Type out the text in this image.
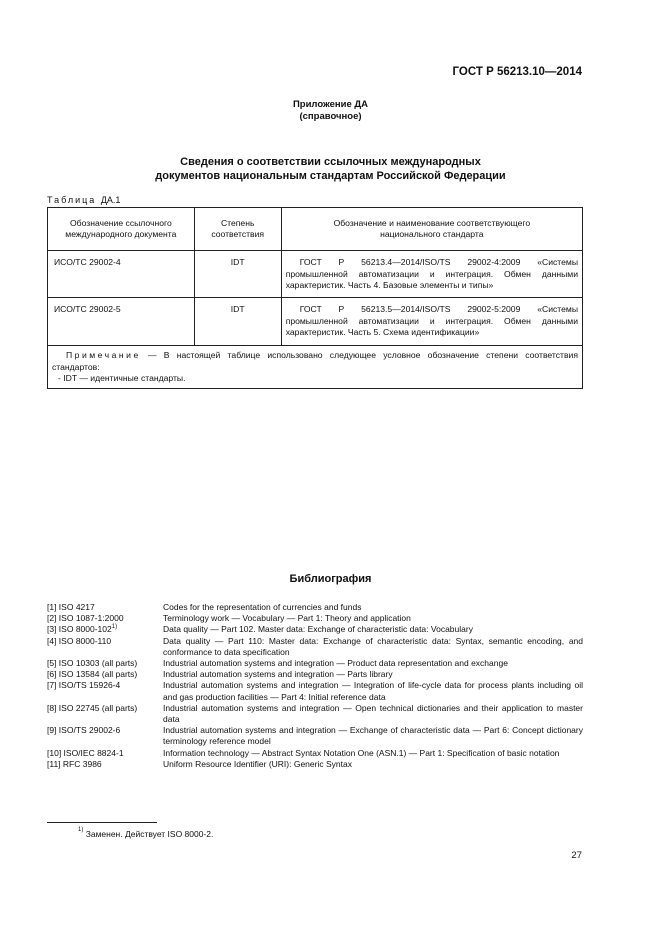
ГОСТ Р 56213.10—2014
Приложение ДА
(справочное)
Сведения о соответствии ссылочных международных
документов национальным стандартам Российской Федерации
Таблица ДА.1
Обозначение ссылочного международного документа	Степень соответствия	Обозначение и наименование соответствующего национального стандарта

ИСО/ТС 29002-4	IDT	ГОСТ Р 56213.4—2014/ISO/TS 29002-4:2009 «Системы промышленной автоматизации и интеграция. Обмен данными характеристик. Часть 4. Базовые элементы и типы»

ИСО/ТС 29002-5	IDT	ГОСТ Р 56213.5—2014/ISO/TS 29002-5:2009 «Системы промышленной автоматизации и интеграция. Обмен данными характеристик. Часть 5. Схема идентификации»

Примечание — В настоящей таблице использовано следующее условное обозначение степени соответствия стандартов:
- IDT — идентичные стандарты.		
Библиография
[1] ISO 4217	Codes for the representation of currencies and funds
[2] ISO 1087-1:2000	Terminology work — Vocabulary — Part 1: Theory and application
[3] ISO 8000-102$^{1)}$	Data quality — Part 102. Master data: Exchange of characteristic data: Vocabulary
[4] ISO 8000-110	Data quality — Part 110: Master data: Exchange of characteristic data: Syntax, semantic encoding, and conformance to data specification
[5] ISO 10303 (all parts)	Industrial automation systems and integration — Product data representation and exchange
[6] ISO 13584 (all parts)	Industrial automation systems and integration — Parts library
[7] ISO/TS 15926-4	Industrial automation systems and integration — Integration of life-cycle data for process plants including oil and gas production facilities — Part 4: Initial reference data
[8] ISO 22745 (all parts)	Industrial automation systems and integration — Open technical dictionaries and their application to master data
[9] ISO/TS 29002-6	Industrial automation systems and integration — Exchange of characteristic data — Part 6: Concept dictionary terminology reference model
[10] ISO/IEC 8824-1	Information technology — Abstract Syntax Notation One (ASN.1) — Part 1: Specification of basic notation
[11] RFC 3986	Uniform Resource Identifier (URI): Generic Syntax
$^{1)}$ Заменен. Действует ISO 8000-2.
27
